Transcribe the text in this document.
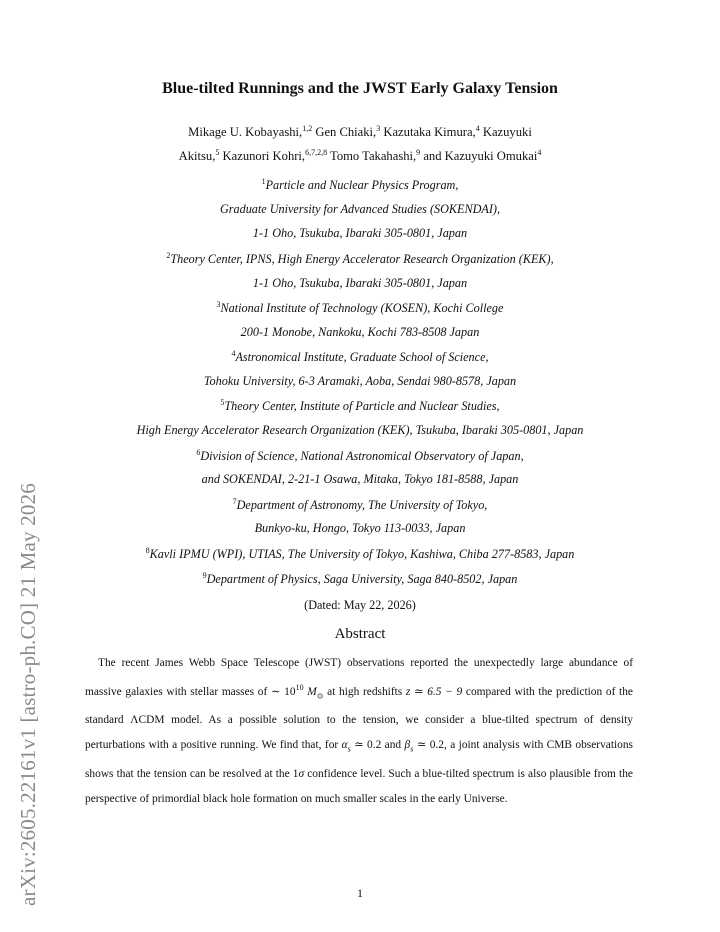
arXiv:2605.22161v1 [astro-ph.CO] 21 May 2026
Blue-tilted Runnings and the JWST Early Galaxy Tension
Mikage U. Kobayashi,$^{1,2}$ Gen Chiaki,$^3$ Kazutaka Kimura,$^4$ Kazuyuki
Akitsu,$^5$ Kazunori Kohri,$^{6,7,2,8}$ Tomo Takahashi,$^9$ and Kazuyuki Omukai$^4$
$^1$Particle and Nuclear Physics Program,
Graduate University for Advanced Studies (SOKENDAI),
1-1 Oho, Tsukuba, Ibaraki 305-0801, Japan
$^2$Theory Center, IPNS, High Energy Accelerator Research Organization (KEK),
1-1 Oho, Tsukuba, Ibaraki 305-0801, Japan
$^3$National Institute of Technology (KOSEN), Kochi College
200-1 Monobe, Nankoku, Kochi 783-8508 Japan
$^4$Astronomical Institute, Graduate School of Science,
Tohoku University, 6-3 Aramaki, Aoba, Sendai 980-8578, Japan
$^5$Theory Center, Institute of Particle and Nuclear Studies,
High Energy Accelerator Research Organization (KEK), Tsukuba, Ibaraki 305-0801, Japan
$^6$Division of Science, National Astronomical Observatory of Japan,
and SOKENDAI, 2-21-1 Osawa, Mitaka, Tokyo 181-8588, Japan
$^7$Department of Astronomy, The University of Tokyo,
Bunkyo-ku, Hongo, Tokyo 113-0033, Japan
$^8$Kavli IPMU (WPI), UTIAS, The University of Tokyo, Kashiwa, Chiba 277-8583, Japan
$^9$Department of Physics, Saga University, Saga 840-8502, Japan
(Dated: May 22, 2026)
Abstract
The recent James Webb Space Telescope (JWST) observations reported the unexpectedly large abundance of massive galaxies with stellar masses of ∼ $10^{10}$ $M_⊙$ at high redshifts z ≃ 6.5 − 9 compared with the prediction of the standard ΛCDM model. As a possible solution to the tension, we consider a blue-tilted spectrum of density perturbations with a positive running. We find that, for $\alpha_s$ ≃ 0.2 and $\beta_s$ ≃ 0.2, a joint analysis with CMB observations shows that the tension can be resolved at the 1σ confidence level. Such a blue-tilted spectrum is also plausible from the perspective of primordial black hole formation on much smaller scales in the early Universe.
1
